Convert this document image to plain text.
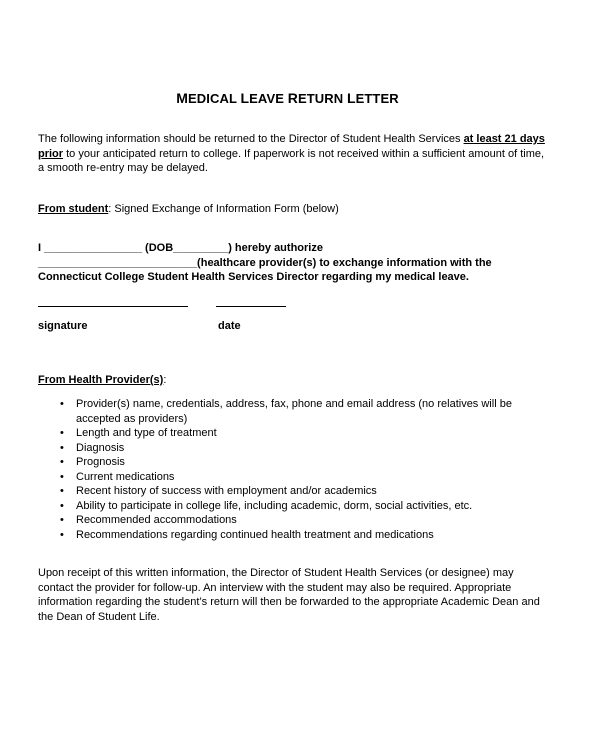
MEDICAL LEAVE RETURN LETTER
The following information should be returned to the Director of Student Health Services at least 21 days prior to your anticipated return to college. If paperwork is not received within a sufficient amount of time, a smooth re-entry may be delayed.
From student: Signed Exchange of Information Form (below)
I ________________ (DOB_________) hereby authorize __________________________(healthcare provider(s) to exchange information with the Connecticut College Student Health Services Director regarding my medical leave.
signature	date
From Health Provider(s):
• Provider(s) name, credentials, address, fax, phone and email address (no relatives will be accepted as providers)
• Length and type of treatment
• Diagnosis
• Prognosis
• Current medications
• Recent history of success with employment and/or academics
• Ability to participate in college life, including academic, dorm, social activities, etc.
• Recommended accommodations
• Recommendations regarding continued health treatment and medications
Upon receipt of this written information, the Director of Student Health Services (or designee) may contact the provider for follow-up. An interview with the student may also be required. Appropriate information regarding the student’s return will then be forwarded to the appropriate Academic Dean and the Dean of Student Life.
